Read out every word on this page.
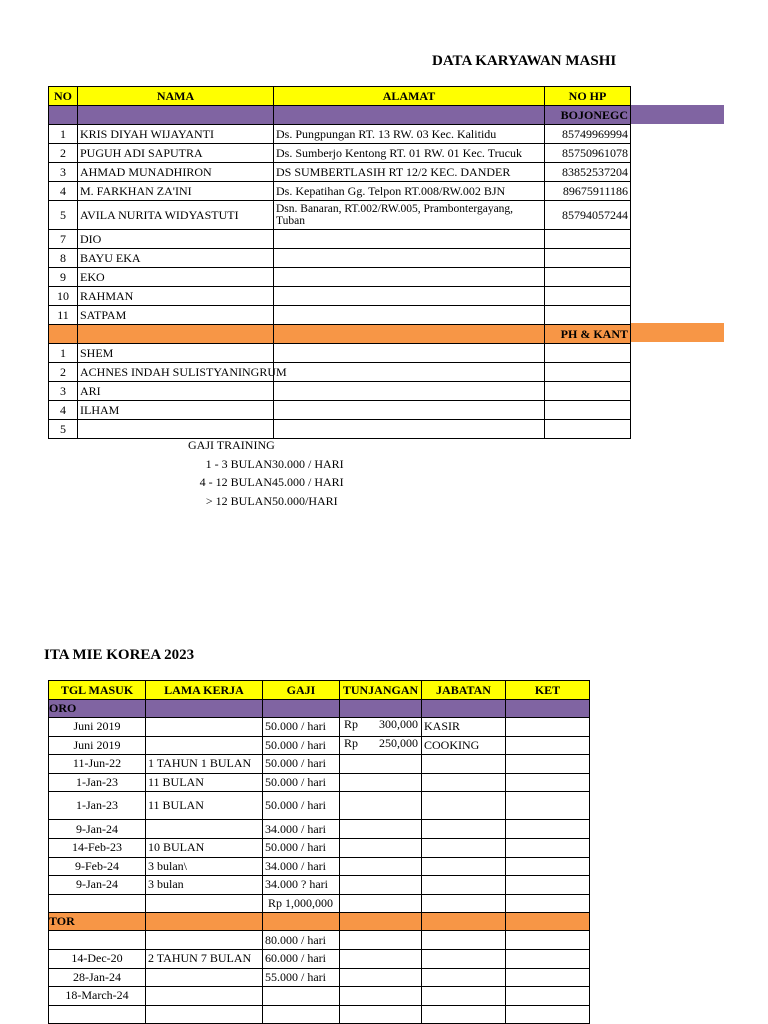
DATA KARYAWAN MASHI
NO	NAMA	ALAMAT	NO HP
			BOJONEGC
1	KRIS DIYAH WIJAYANTI	Ds. Pungpungan RT. 13 RW. 03 Kec. Kalitidu	85749969994
2	PUGUH ADI SAPUTRA	Ds. Sumberjo Kentong RT. 01 RW. 01 Kec. Trucuk	85750961078
3	AHMAD MUNADHIRON	DS SUMBERTLASIH RT 12/2 KEC. DANDER	83852537204
4	M. FARKHAN ZA'INI	Ds. Kepatihan Gg. Telpon RT.008/RW.002 BJN	89675911186
5	AVILA NURITA WIDYASTUTI	Dsn. Banaran, RT.002/RW.005, Prambontergayang, Tuban	85794057244
7	DIO		
8	BAYU EKA		
9	EKO		
10	RAHMAN		
11	SATPAM		
			PH & KANT
1	SHEM		
2	ACHNES INDAH SULISTYANINGRUM		
3	ARI		
4	ILHAM		
5			
GAJI TRAINING
1 - 3 BULAN 30.000 / HARI
4 - 12 BULAN 45.000 / HARI
> 12 BULAN 50.000/HARI
ITA MIE KOREA 2023
TGL MASUK	LAMA KERJA	GAJI	TUNJANGAN	JABATAN	KET
ORO					
Juni 2019		50.000 / hari	Rp 300,000	KASIR	
Juni 2019		50.000 / hari	Rp 250,000	COOKING	
11-Jun-22	1 TAHUN 1 BULAN	50.000 / hari	

1-Jan-23	11 BULAN	50.000 / hari	

1-Jan-23	11 BULAN	50.000 / hari	

9-Jan-24		34.000 / hari	

14-Feb-23	10 BULAN	50.000 / hari	

9-Feb-24	3 bulan\	34.000 / hari	

9-Jan-24	3 bulan	34.000 ? hari	

		Rp 1,000,000	

TOR					
		80.000 / hari	

14-Dec-20	2 TAHUN 7 BULAN	60.000 / hari	

28-Jan-24		55.000 / hari	

18-March-24			
